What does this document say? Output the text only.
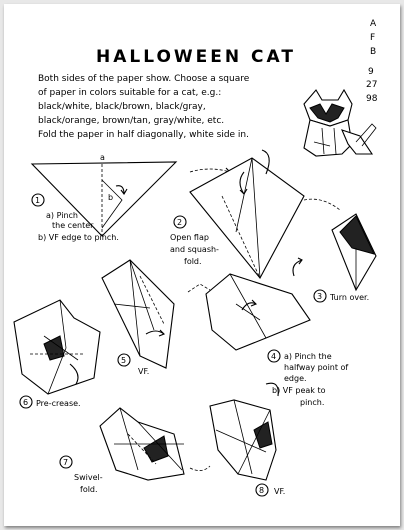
HALLOWEEN CAT
A
F
B
9
27
98
Both sides of the paper show. Choose a square
of paper in colors suitable for a cat, e.g.:
black/white, black/brown, black/gray,
black/orange, brown/tan, gray/white, etc.
Fold the paper in half diagonally, white side in.
a
b
1
a) Pinch
the center.
b) VF edge to pinch.
2
Open flap
and squash-
fold.
3 Turn over.
4 a) Pinch the
halfway point of
edge.
b) VF peak to
pinch.
5
VF.
6 Pre-crease.
7
Swivel-
fold.	8 VF.
